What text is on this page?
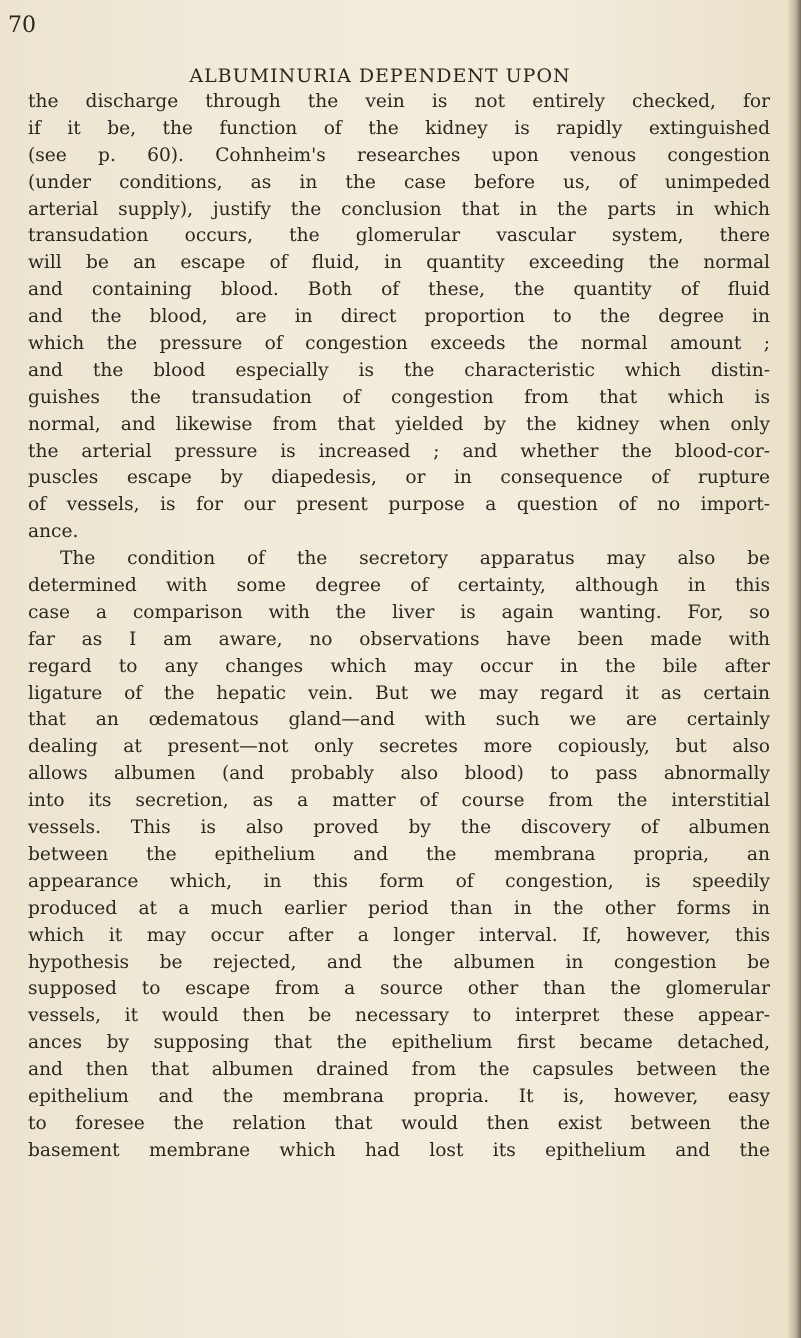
70
ALBUMINURIA DEPENDENT UPON
the discharge through the vein is not entirely checked, for
if it be, the function of the kidney is rapidly extinguished
(see p. 60). Cohnheim's researches upon venous congestion
(under conditions, as in the case before us, of unimpeded
arterial supply), justify the conclusion that in the parts in which
transudation occurs, the glomerular vascular system, there
will be an escape of fluid, in quantity exceeding the normal
and containing blood. Both of these, the quantity of fluid
and the blood, are in direct proportion to the degree in
which the pressure of congestion exceeds the normal amount ;
and the blood especially is the characteristic which distin-
guishes the transudation of congestion from that which is
normal, and likewise from that yielded by the kidney when only
the arterial pressure is increased ; and whether the blood-cor-
puscles escape by diapedesis, or in consequence of rupture
of vessels, is for our present purpose a question of no import-
ance.
The condition of the secretory apparatus may also be
determined with some degree of certainty, although in this
case a comparison with the liver is again wanting. For, so
far as I am aware, no observations have been made with
regard to any changes which may occur in the bile after
ligature of the hepatic vein. But we may regard it as certain
that an œdematous gland—and with such we are certainly
dealing at present—not only secretes more copiously, but also
allows albumen (and probably also blood) to pass abnormally
into its secretion, as a matter of course from the interstitial
vessels. This is also proved by the discovery of albumen
between the epithelium and the membrana propria, an
appearance which, in this form of congestion, is speedily
produced at a much earlier period than in the other forms in
which it may occur after a longer interval. If, however, this
hypothesis be rejected, and the albumen in congestion be
supposed to escape from a source other than the glomerular
vessels, it would then be necessary to interpret these appear-
ances by supposing that the epithelium first became detached,
and then that albumen drained from the capsules between the
epithelium and the membrana propria. It is, however, easy
to foresee the relation that would then exist between the
basement membrane which had lost its epithelium and the
